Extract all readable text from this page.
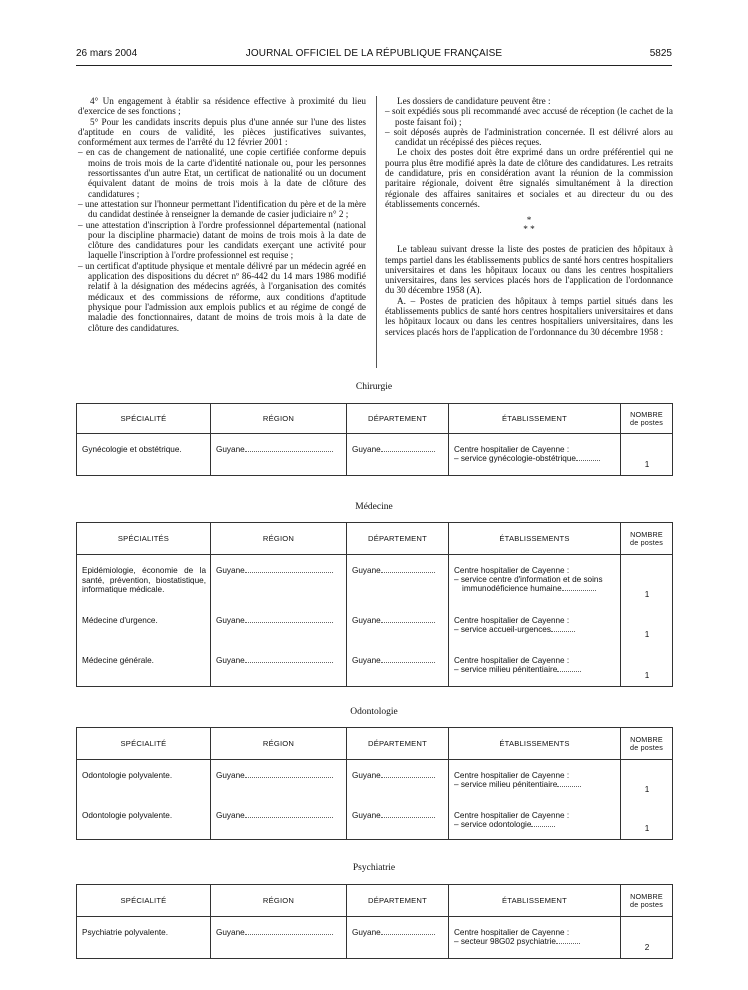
26 mars 2004	JOURNAL OFFICIEL DE LA RÉPUBLIQUE FRANÇAISE	5825

4° Un engagement à établir sa résidence effective à proximité du lieu d'exercice de ses fonctions ;

5° Pour les candidats inscrits depuis plus d'une année sur l'une des listes d'aptitude en cours de validité, les pièces justificatives suivantes, conformément aux termes de l'arrêté du 12 février 2001 :

– en cas de changement de nationalité, une copie certifiée conforme depuis moins de trois mois de la carte d'identité nationale ou, pour les personnes ressortissantes d'un autre Etat, un certificat de nationalité ou un document équivalent datant de moins de trois mois à la date de clôture des candidatures ;

– une attestation sur l'honneur permettant l'identification du père et de la mère du candidat destinée à renseigner la demande de casier judiciaire n° 2 ;

– une attestation d'inscription à l'ordre professionnel départemental (national pour la discipline pharmacie) datant de moins de trois mois à la date de clôture des candidatures pour les candidats exerçant une activité pour laquelle l'inscription à l'ordre professionnel est requise ;

– un certificat d'aptitude physique et mentale délivré par un médecin agréé en application des dispositions du décret nº 86-442 du 14 mars 1986 modifié relatif à la désignation des médecins agréés, à l'organisation des comités médicaux et des commissions de réforme, aux conditions d'aptitude physique pour l'admission aux emplois publics et au régime de congé de maladie des fonctionnaires, datant de moins de trois mois à la date de clôture des candidatures.

Les dossiers de candidature peuvent être :

– soit expédiés sous pli recommandé avec accusé de réception (le cachet de la poste faisant foi) ;

– soit déposés auprès de l'administration concernée. Il est délivré alors au candidat un récépissé des pièces reçues.

Le choix des postes doit être exprimé dans un ordre préférentiel qui ne pourra plus être modifié après la date de clôture des candidatures. Les retraits de candidature, pris en considération avant la réunion de la commission paritaire régionale, doivent être signalés simultanément à la direction régionale des affaires sanitaires et sociales et au directeur du ou des établissements concernés.

*
* *

Le tableau suivant dresse la liste des postes de praticien des hôpitaux à temps partiel dans les établissements publics de santé hors centres hospitaliers universitaires et dans les hôpitaux locaux ou dans les centres hospitaliers universitaires, dans les services placés hors de l'application de l'ordonnance du 30 décembre 1958 (A).

A. – Postes de praticien des hôpitaux à temps partiel situés dans les établissements publics de santé hors centres hospitaliers universitaires et dans les hôpitaux locaux ou dans les centres hospitaliers universitaires, dans les services placés hors de l'application de l'ordonnance du 30 décembre 1958 :

Chirurgie
SPÉCIALITÉ	RÉGION	DÉPARTEMENT	ÉTABLISSEMENT	NOMBRE
de postes
Gynécologie et obstétrique.	Guyane	Guyane	Centre hospitalier de Cayenne :
– service gynécologie-obstétrique	1
Médecine
SPÉCIALITÉS	RÉGION	DÉPARTEMENT	ÉTABLISSEMENTS	NOMBRE
de postes
Epidémiologie, économie de la santé, prévention, biostatistique, informatique médicale.	Guyane	Guyane	Centre hospitalier de Cayenne :
– service centre d'information et de soins
immunodéficience humaine	1
Médecine d'urgence.	Guyane	Guyane	Centre hospitalier de Cayenne :
– service accueil-urgences	1
Médecine générale.	Guyane	Guyane	Centre hospitalier de Cayenne :
– service milieu pénitentiaire	1
Odontologie
SPÉCIALITÉ	RÉGION	DÉPARTEMENT	ÉTABLISSEMENTS	NOMBRE
de postes
Odontologie polyvalente.	Guyane	Guyane	Centre hospitalier de Cayenne :
– service milieu pénitentiaire	1
Odontologie polyvalente.	Guyane	Guyane	Centre hospitalier de Cayenne :
– service odontologie	1
Psychiatrie
SPÉCIALITÉ	RÉGION	DÉPARTEMENT	ÉTABLISSEMENT	NOMBRE
de postes
Psychiatrie polyvalente.	Guyane	Guyane	Centre hospitalier de Cayenne :
– secteur 98G02 psychiatrie	2
